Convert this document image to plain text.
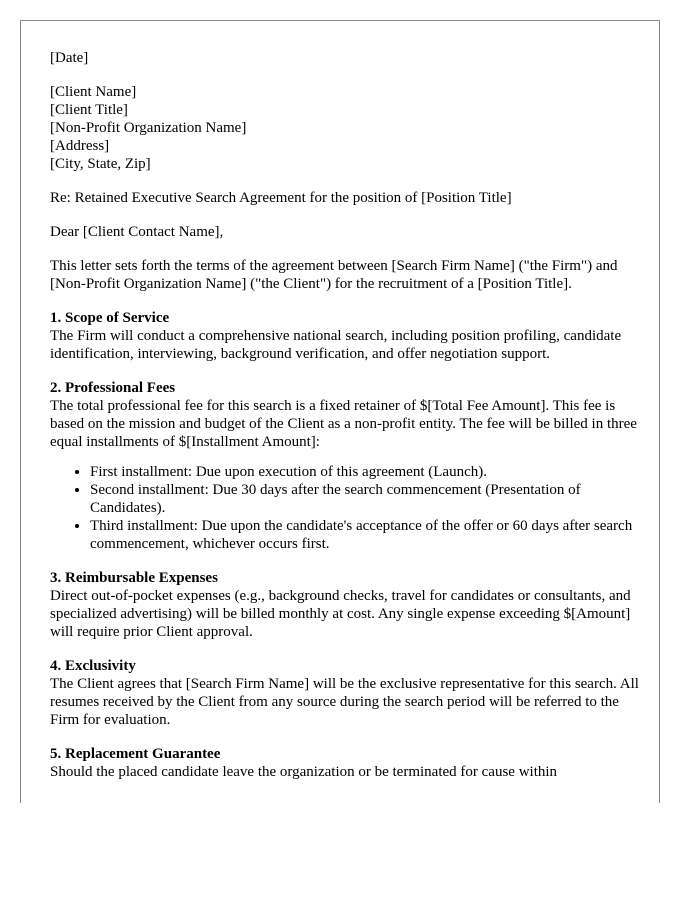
[Date]
[Client Name]
[Client Title]
[Non-Profit Organization Name]
[Address]
[City, State, Zip]
Re: Retained Executive Search Agreement for the position of [Position Title]
Dear [Client Contact Name],
This letter sets forth the terms of the agreement between [Search Firm Name] ("the Firm") and [Non-Profit Organization Name] ("the Client") for the recruitment of a [Position Title].
1. Scope of Service
The Firm will conduct a comprehensive national search, including position profiling, candidate identification, interviewing, background verification, and offer negotiation support.
2. Professional Fees
The total professional fee for this search is a fixed retainer of $[Total Fee Amount]. This fee is based on the mission and budget of the Client as a non-profit entity. The fee will be billed in three equal installments of $[Installment Amount]:
• First installment: Due upon execution of this agreement (Launch).
• Second installment: Due 30 days after the search commencement (Presentation of Candidates).
• Third installment: Due upon the candidate's acceptance of the offer or 60 days after search commencement, whichever occurs first.
3. Reimbursable Expenses
Direct out-of-pocket expenses (e.g., background checks, travel for candidates or consultants, and specialized advertising) will be billed monthly at cost. Any single expense exceeding $[Amount] will require prior Client approval.
4. Exclusivity
The Client agrees that [Search Firm Name] will be the exclusive representative for this search. All resumes received by the Client from any source during the search period will be referred to the Firm for evaluation.
5. Replacement Guarantee
Should the placed candidate leave the organization or be terminated for cause within
